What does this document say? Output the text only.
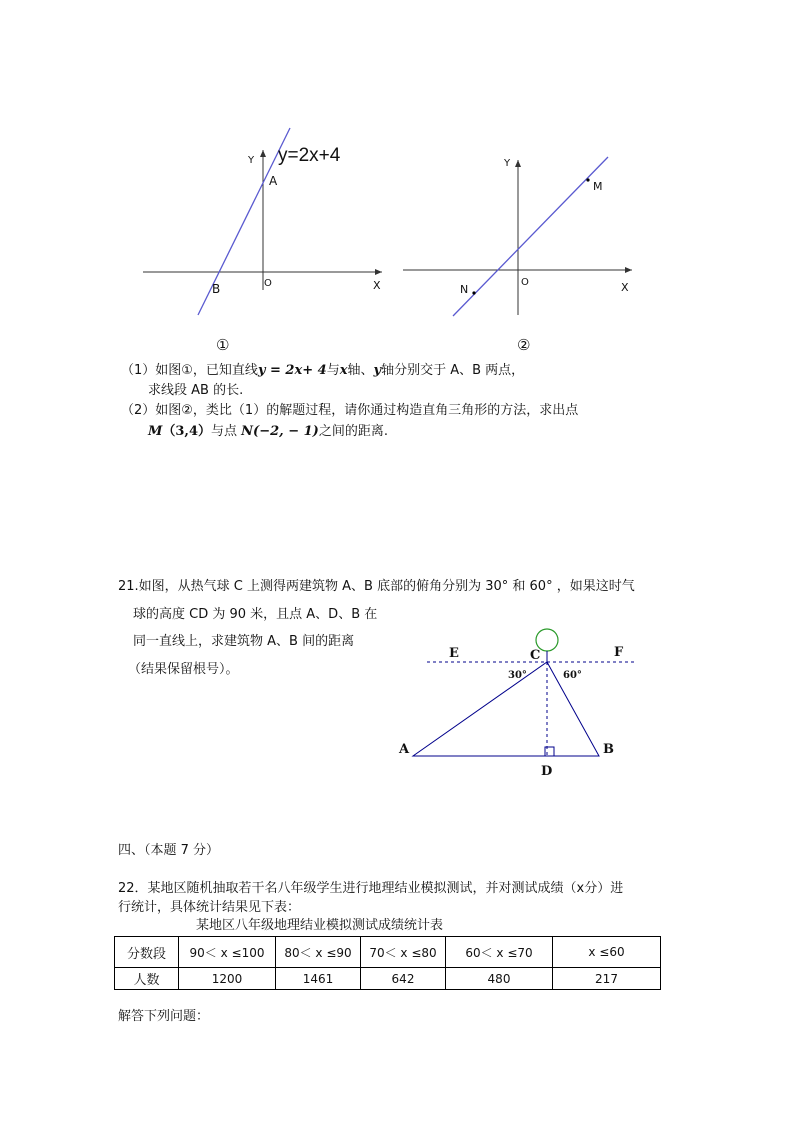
y=2x+4
Y
A
B	O	X
①
Y
M
N
O	X
②
（1）如图①，已知直线y = 2x+ 4与x轴、y轴分别交于 A、B 两点，
求线段 AB 的长.
（2）如图②，类比（1）的解题过程，请你通过构造直角三角形的方法，求出点
M（3,4）与点 N(−2, − 1)之间的距离.
21.如图，从热气球 C 上测得两建筑物 A、B 底部的俯角分别为 30° 和 60° ，如果这时气
球的高度 CD 为 90 米，且点 A、D、B 在
同一直线上，求建筑物 A、B 间的距离
（结果保留根号）。
E	F
C
30°	60°
A	B
D
四、（本题 7 分）
22．某地区随机抽取若干名八年级学生进行地理结业模拟测试，并对测试成绩（x分）进
行统计，具体统计结果见下表：
某地区八年级地理结业模拟测试成绩统计表
分数段	90＜ x ≤100	80＜ x ≤90	70＜ x ≤80	60＜ x ≤70	x ≤60
人数	1200	1461	642	480	217
解答下列问题：
